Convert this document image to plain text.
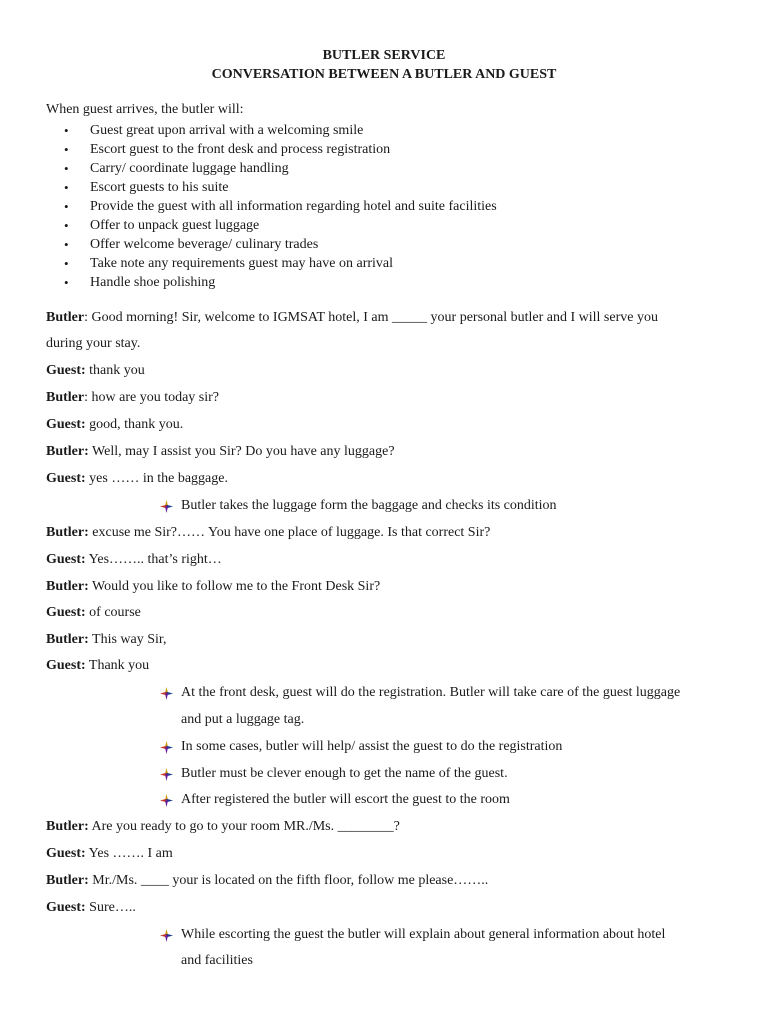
BUTLER SERVICE
CONVERSATION BETWEEN A BUTLER AND GUEST
When guest arrives, the butler will:
• Guest great upon arrival with a welcoming smile
• Escort guest to the front desk and process registration
• Carry/ coordinate luggage handling
• Escort guests to his suite
• Provide the guest with all information regarding hotel and suite facilities
• Offer to unpack guest luggage
• Offer welcome beverage/ culinary trades
• Take note any requirements guest may have on arrival
• Handle shoe polishing
Butler: Good morning! Sir, welcome to IGMSAT hotel, I am _____ your personal butler and I will serve you
during your stay.
Guest: thank you
Butler: how are you today sir?
Guest: good, thank you.
Butler: Well, may I assist you Sir? Do you have any luggage?
Guest: yes …… in the baggage.
Butler takes the luggage form the baggage and checks its condition
Butler: excuse me Sir?…… You have one place of luggage. Is that correct Sir?
Guest: Yes…….. that’s right…
Butler: Would you like to follow me to the Front Desk Sir?
Guest: of course
Butler: This way Sir,
Guest: Thank you
At the front desk, guest will do the registration. Butler will take care of the guest luggage
and put a luggage tag.
In some cases, butler will help/ assist the guest to do the registration
Butler must be clever enough to get the name of the guest.
After registered the butler will escort the guest to the room
Butler: Are you ready to go to your room MR./Ms. ________?
Guest: Yes ……. I am
Butler: Mr./Ms. ____ your is located on the fifth floor, follow me please……..
Guest: Sure…..
While escorting the guest the butler will explain about general information about hotel
and facilities
